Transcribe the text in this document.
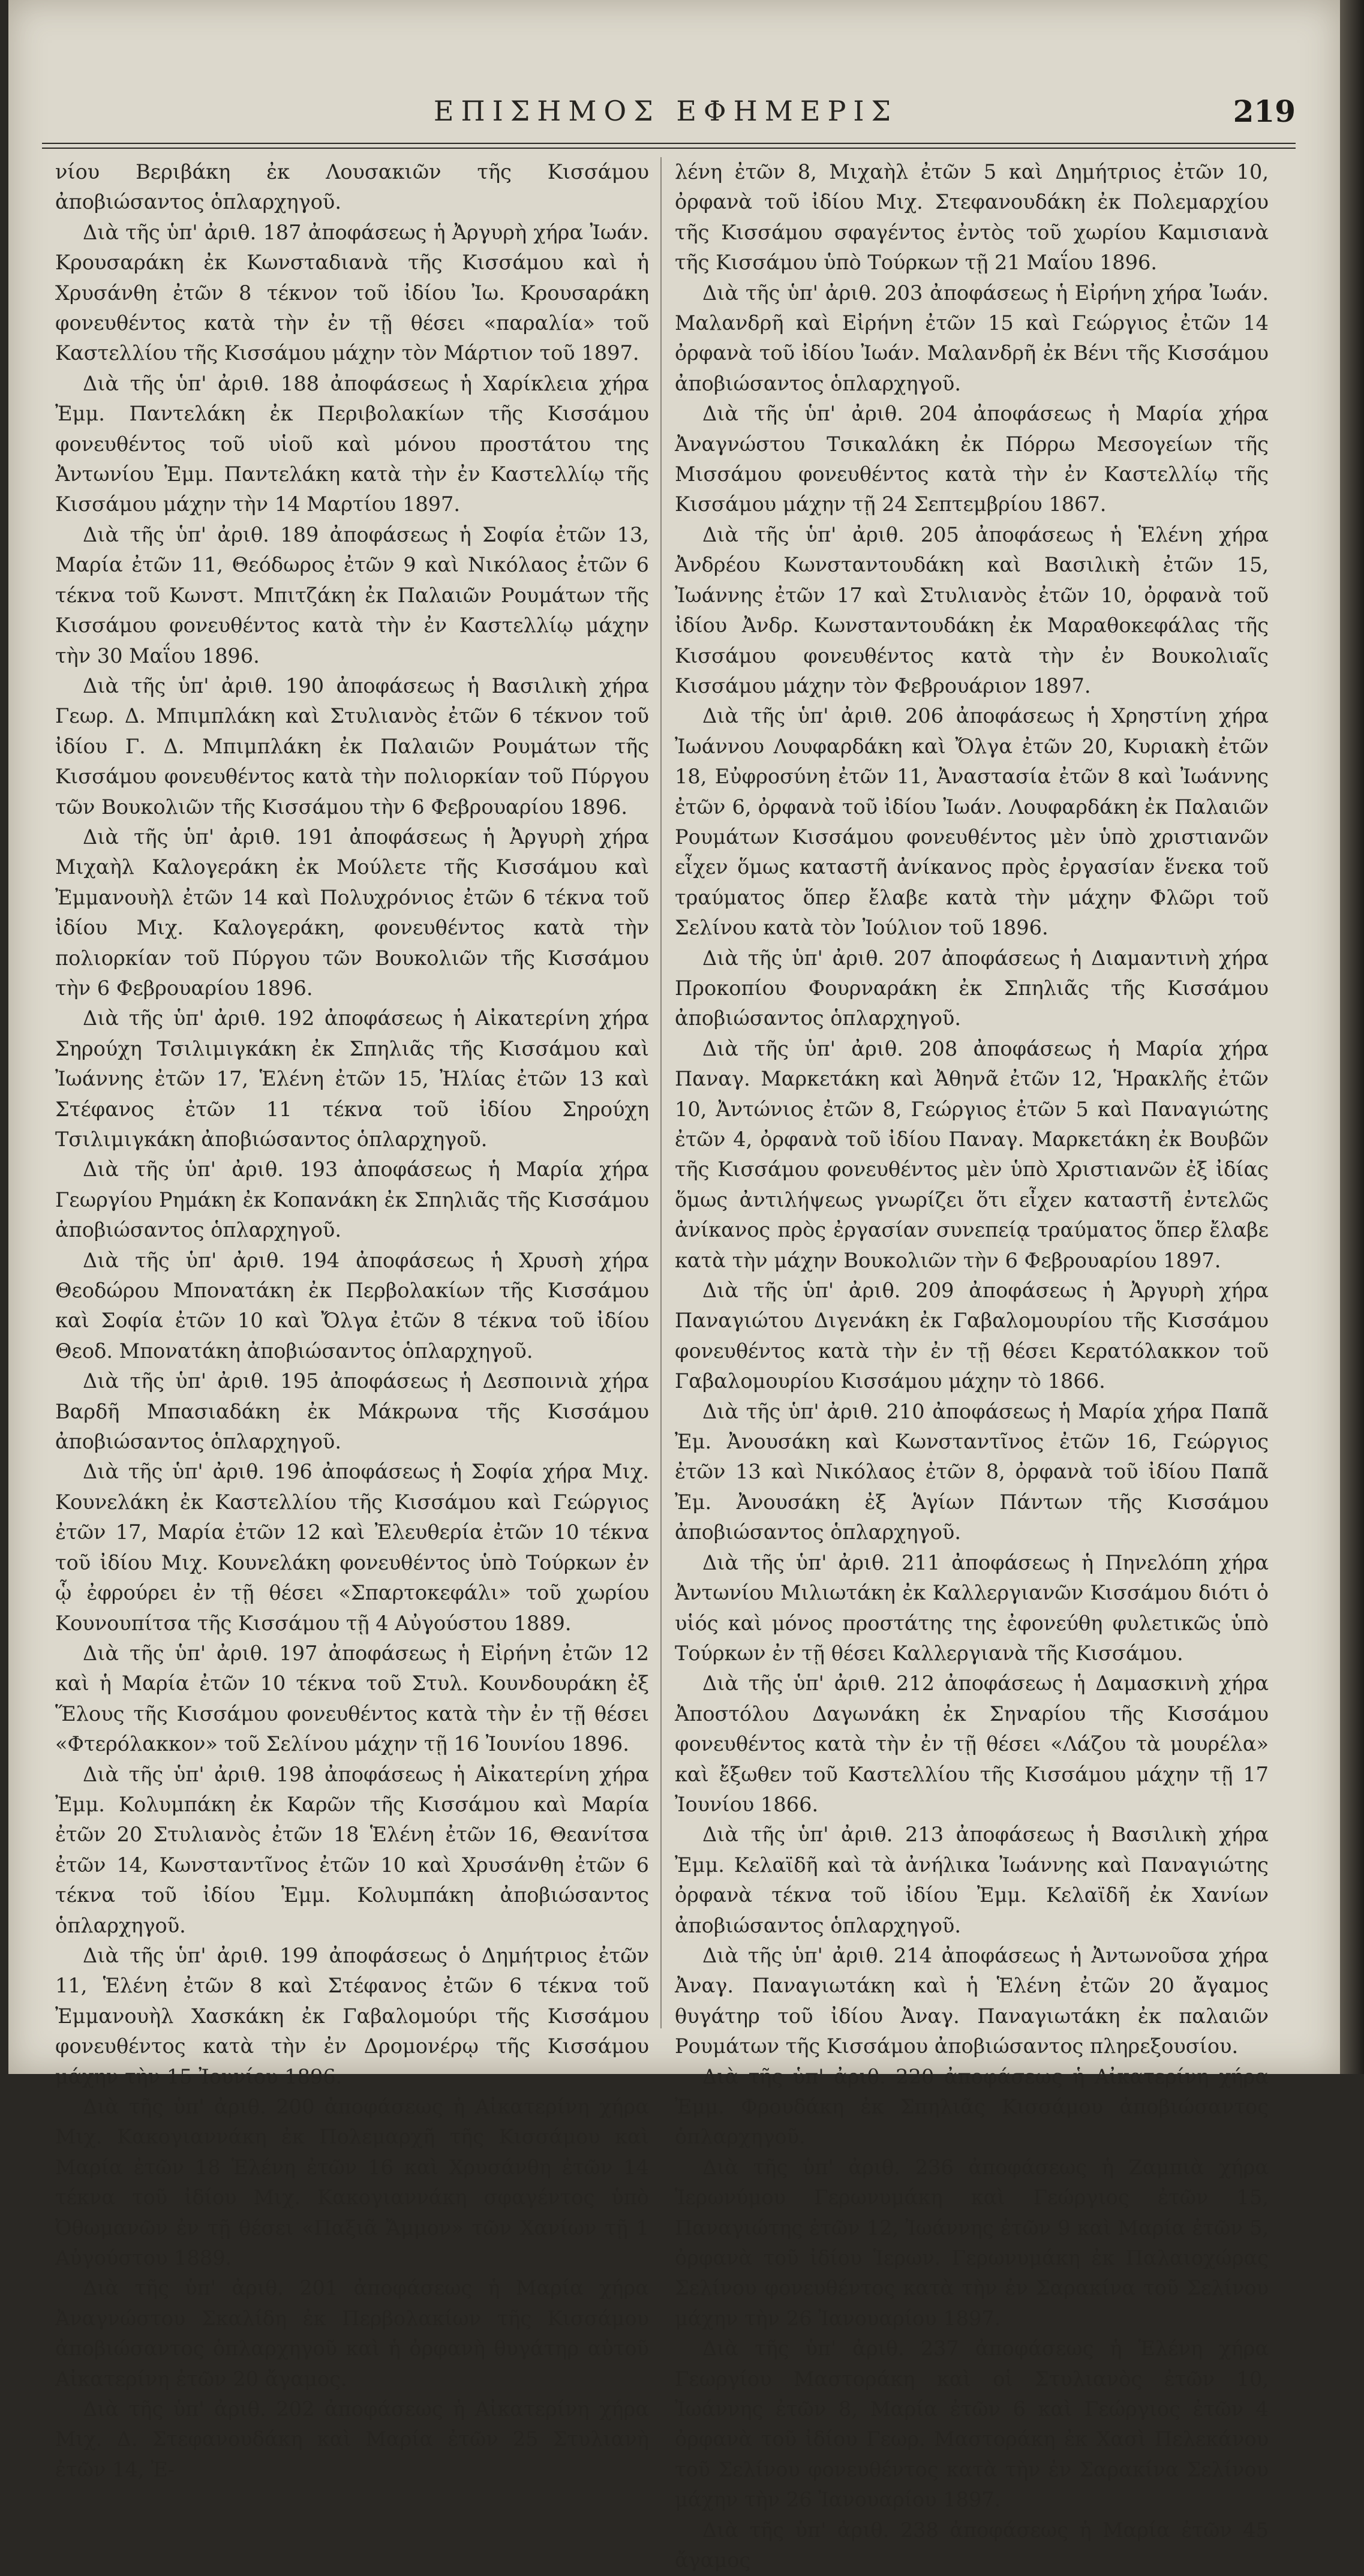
ΕΠΙΣΗΜΟΣ ΕΦΗΜΕΡΙΣ	219

νίου Βεριβάκη ἐκ Λουσακιῶν τῆς Κισσάμου ἀποβιώσαντος ὁπλαρχηγοῦ.

Διὰ τῆς ὑπ' ἀριθ. 187 ἀποφάσεως ἡ Ἀργυρὴ χήρα Ἰωάν. Κρουσαράκη ἐκ Κωνσταδιανὰ τῆς Κισσάμου καὶ ἡ Χρυσάνθη ἐτῶν 8 τέκνον τοῦ ἰδίου Ἰω. Κρουσαράκη φονευθέντος κατὰ τὴν ἐν τῇ θέσει «παραλία» τοῦ Καστελλίου τῆς Κισσάμου μάχην τὸν Μάρτιον τοῦ 1897.

Διὰ τῆς ὑπ' ἀριθ. 188 ἀποφάσεως ἡ Χαρίκλεια χήρα Ἐμμ. Παντελάκη ἐκ Περιβολακίων τῆς Κισσάμου φονευθέντος τοῦ υἱοῦ καὶ μόνου προστάτου της Ἀντωνίου Ἐμμ. Παντελάκη κατὰ τὴν ἐν Καστελλίῳ τῆς Κισσάμου μάχην τὴν 14 Μαρτίου 1897.

Διὰ τῆς ὑπ' ἀριθ. 189 ἀποφάσεως ἡ Σοφία ἐτῶν 13, Μαρία ἐτῶν 11, Θεόδωρος ἐτῶν 9 καὶ Νικόλαος ἐτῶν 6 τέκνα τοῦ Κωνστ. Μπιτζάκη ἐκ Παλαιῶν Ρουμάτων τῆς Κισσάμου φονευθέντος κατὰ τὴν ἐν Καστελλίῳ μάχην τὴν 30 Μαΐου 1896.

Διὰ τῆς ὑπ' ἀριθ. 190 ἀποφάσεως ἡ Βασιλικὴ χήρα Γεωρ. Δ. Μπιμπλάκη καὶ Στυλιανὸς ἐτῶν 6 τέκνον τοῦ ἰδίου Γ. Δ. Μπιμπλάκη ἐκ Παλαιῶν Ρουμάτων τῆς Κισσάμου φονευθέντος κατὰ τὴν πολιορκίαν τοῦ Πύργου τῶν Βουκολιῶν τῆς Κισσάμου τὴν 6 Φεβρουαρίου 1896.

Διὰ τῆς ὑπ' ἀριθ. 191 ἀποφάσεως ἡ Ἀργυρὴ χήρα Μιχαὴλ Καλογεράκη ἐκ Μούλετε τῆς Κισσάμου καὶ Ἐμμανουὴλ ἐτῶν 14 καὶ Πολυχρόνιος ἐτῶν 6 τέκνα τοῦ ἰδίου Μιχ. Καλογεράκη, φονευθέντος κατὰ τὴν πολιορκίαν τοῦ Πύργου τῶν Βουκολιῶν τῆς Κισσάμου τὴν 6 Φεβρουαρίου 1896.

Διὰ τῆς ὑπ' ἀριθ. 192 ἀποφάσεως ἡ Αἰκατερίνη χήρα Σηρούχη Τσιλιμιγκάκη ἐκ Σπηλιᾶς τῆς Κισσάμου καὶ Ἰωάννης ἐτῶν 17, Ἑλένη ἐτῶν 15, Ἠλίας ἐτῶν 13 καὶ Στέφανος ἐτῶν 11 τέκνα τοῦ ἰδίου Σηρούχη Τσιλιμιγκάκη ἀποβιώσαντος ὁπλαρχηγοῦ.

Διὰ τῆς ὑπ' ἀριθ. 193 ἀποφάσεως ἡ Μαρία χήρα Γεωργίου Ρημάκη ἐκ Κοπανάκη ἐκ Σπηλιᾶς τῆς Κισσάμου ἀποβιώσαντος ὁπλαρχηγοῦ.

Διὰ τῆς ὑπ' ἀριθ. 194 ἀποφάσεως ἡ Χρυσὴ χήρα Θεοδώρου Μπονατάκη ἐκ Περβολακίων τῆς Κισσάμου καὶ Σοφία ἐτῶν 10 καὶ Ὄλγα ἐτῶν 8 τέκνα τοῦ ἰδίου Θεοδ. Μπονατάκη ἀποβιώσαντος ὁπλαρχηγοῦ.

Διὰ τῆς ὑπ' ἀριθ. 195 ἀποφάσεως ἡ Δεσποινιὰ χήρα Βαρδῆ Μπασιαδάκη ἐκ Μάκρωνα τῆς Κισσάμου ἀποβιώσαντος ὁπλαρχηγοῦ.

Διὰ τῆς ὑπ' ἀριθ. 196 ἀποφάσεως ἡ Σοφία χήρα Μιχ. Κουνελάκη ἐκ Καστελλίου τῆς Κισσάμου καὶ Γεώργιος ἐτῶν 17, Μαρία ἐτῶν 12 καὶ Ἐλευθερία ἐτῶν 10 τέκνα τοῦ ἰδίου Μιχ. Κουνελάκη φονευθέντος ὑπὸ Τούρκων ἐν ᾧ ἐφρούρει ἐν τῇ θέσει «Σπαρτοκεφάλι» τοῦ χωρίου Κουνουπίτσα τῆς Κισσάμου τῇ 4 Αὐγούστου 1889.

Διὰ τῆς ὑπ' ἀριθ. 197 ἀποφάσεως ἡ Εἰρήνη ἐτῶν 12 καὶ ἡ Μαρία ἐτῶν 10 τέκνα τοῦ Στυλ. Κουνδουράκη ἐξ Ἕλους τῆς Κισσάμου φονευθέντος κατὰ τὴν ἐν τῇ θέσει «Φτερόλακκον» τοῦ Σελίνου μάχην τῇ 16 Ἰουνίου 1896.

Διὰ τῆς ὑπ' ἀριθ. 198 ἀποφάσεως ἡ Αἰκατερίνη χήρα Ἐμμ. Κολυμπάκη ἐκ Καρῶν τῆς Κισσάμου καὶ Μαρία ἐτῶν 20 Στυλιανὸς ἐτῶν 18 Ἑλένη ἐτῶν 16, Θεανίτσα ἐτῶν 14, Κωνσταντῖνος ἐτῶν 10 καὶ Χρυσάνθη ἐτῶν 6 τέκνα τοῦ ἰδίου Ἐμμ. Κολυμπάκη ἀποβιώσαντος ὁπλαρχηγοῦ.

Διὰ τῆς ὑπ' ἀριθ. 199 ἀποφάσεως ὁ Δημήτριος ἐτῶν 11, Ἑλένη ἐτῶν 8 καὶ Στέφανος ἐτῶν 6 τέκνα τοῦ Ἐμμανουὴλ Χασκάκη ἐκ Γαβαλομούρι τῆς Κισσάμου φονευθέντος κατὰ τὴν ἐν Δρομονέρῳ τῆς Κισσάμου μάχην τὴν 15 Ἰουνίου 1896.

Διὰ τῆς ὑπ' ἀριθ. 200 ἀποφάσεως ἡ Αἰκατερίνη χήρα Μιχ. Κακογιαννάκη ἐκ Πολεμαρχῆ τῆς Κισσάμου καὶ Μαρία ἐτῶν 18 Ἑλένη ἐτῶν 16 καὶ Χρυσάνθη ἐτῶν 14 τέκνα τοῦ ἰδίου Μιχ. Κακογιαννάκη σφαγέντος ὑπὸ Ὀθωμανῶν ἐν τῇ θέσει «Παξιᾶ Ἄμμον» τῶν Χανίων τῇ 1 Αὐγούστου 1889.

Διὰ τῆς ὑπ' ἀριθ. 201 ἀποφάσεως ἡ Μαρία χήρα Ἀναγνώστου Σκαλίδη ἐκ Περβολακίων τῆς Κισσάμου ἀποβιώσαντος ὁπλαρχηγοῦ καὶ ἡ ὀρφανὴ θυγάτηρ αὐτοῦ Αἰκατερίνη ἐτῶν 20 ἄγαμος.

Διὰ τῆς ὑπ' ἀριθ. 202 ἀποφάσεως ἡ Αἰκατερίνη χήρα Μιχ. Δ. Στεφανουδάκη καὶ Μαρία ἐτῶν 25 Στυλιανὴ ἐτῶν 14, Ἐ-

λένη ἐτῶν 8, Μιχαὴλ ἐτῶν 5 καὶ Δημήτριος ἐτῶν 10, ὀρφανὰ τοῦ ἰδίου Μιχ. Στεφανουδάκη ἐκ Πολεμαρχίου τῆς Κισσάμου σφαγέντος ἐντὸς τοῦ χωρίου Καμισιανὰ τῆς Κισσάμου ὑπὸ Τούρκων τῇ 21 Μαΐου 1896.

Διὰ τῆς ὑπ' ἀριθ. 203 ἀποφάσεως ἡ Εἰρήνη χήρα Ἰωάν. Μαλανδρῆ καὶ Εἰρήνη ἐτῶν 15 καὶ Γεώργιος ἐτῶν 14 ὀρφανὰ τοῦ ἰδίου Ἰωάν. Μαλανδρῆ ἐκ Βένι τῆς Κισσάμου ἀποβιώσαντος ὁπλαρχηγοῦ.

Διὰ τῆς ὑπ' ἀριθ. 204 ἀποφάσεως ἡ Μαρία χήρα Ἀναγνώστου Τσικαλάκη ἐκ Πόρρω Μεσογείων τῆς Μισσάμου φονευθέντος κατὰ τὴν ἐν Καστελλίῳ τῆς Κισσάμου μάχην τῇ 24 Σεπτεμβρίου 1867.

Διὰ τῆς ὑπ' ἀριθ. 205 ἀποφάσεως ἡ Ἑλένη χήρα Ἀνδρέου Κωνσταντουδάκη καὶ Βασιλικὴ ἐτῶν 15, Ἰωάννης ἐτῶν 17 καὶ Στυλιανὸς ἐτῶν 10, ὀρφανὰ τοῦ ἰδίου Ἀνδρ. Κωνσταντουδάκη ἐκ Μαραθοκεφάλας τῆς Κισσάμου φονευθέντος κατὰ τὴν ἐν Βουκολιαῖς Κισσάμου μάχην τὸν Φεβρουάριον 1897.

Διὰ τῆς ὑπ' ἀριθ. 206 ἀποφάσεως ἡ Χρηστίνη χήρα Ἰωάννου Λουφαρδάκη καὶ Ὄλγα ἐτῶν 20, Κυριακὴ ἐτῶν 18, Εὐφροσύνη ἐτῶν 11, Ἀναστασία ἐτῶν 8 καὶ Ἰωάννης ἐτῶν 6, ὀρφανὰ τοῦ ἰδίου Ἰωάν. Λουφαρδάκη ἐκ Παλαιῶν Ρουμάτων Κισσάμου φονευθέντος μὲν ὑπὸ χριστιανῶν εἶχεν ὅμως καταστῆ ἀνίκανος πρὸς ἐργασίαν ἕνεκα τοῦ τραύματος ὅπερ ἔλαβε κατὰ τὴν μάχην Φλῶρι τοῦ Σελίνου κατὰ τὸν Ἰούλιον τοῦ 1896.

Διὰ τῆς ὑπ' ἀριθ. 207 ἀποφάσεως ἡ Διαμαντινὴ χήρα Προκοπίου Φουρναράκη ἐκ Σπηλιᾶς τῆς Κισσάμου ἀποβιώσαντος ὁπλαρχηγοῦ.

Διὰ τῆς ὑπ' ἀριθ. 208 ἀποφάσεως ἡ Μαρία χήρα Παναγ. Μαρκετάκη καὶ Ἀθηνᾶ ἐτῶν 12, Ἡρακλῆς ἐτῶν 10, Ἀντώνιος ἐτῶν 8, Γεώργιος ἐτῶν 5 καὶ Παναγιώτης ἐτῶν 4, ὀρφανὰ τοῦ ἰδίου Παναγ. Μαρκετάκη ἐκ Βουβῶν τῆς Κισσάμου φονευθέντος μὲν ὑπὸ Χριστιανῶν ἐξ ἰδίας ὅμως ἀντιλήψεως γνωρίζει ὅτι εἶχεν καταστῆ ἐντελῶς ἀνίκανος πρὸς ἐργασίαν συνεπείᾳ τραύματος ὅπερ ἔλαβε κατὰ τὴν μάχην Βουκολιῶν τὴν 6 Φεβρουαρίου 1897.

Διὰ τῆς ὑπ' ἀριθ. 209 ἀποφάσεως ἡ Ἀργυρὴ χήρα Παναγιώτου Διγενάκη ἐκ Γαβαλομουρίου τῆς Κισσάμου φονευθέντος κατὰ τὴν ἐν τῇ θέσει Κερατόλακκον τοῦ Γαβαλομουρίου Κισσάμου μάχην τὸ 1866.

Διὰ τῆς ὑπ' ἀριθ. 210 ἀποφάσεως ἡ Μαρία χήρα Παπᾶ Ἐμ. Ἀνουσάκη καὶ Κωνσταντῖνος ἐτῶν 16, Γεώργιος ἐτῶν 13 καὶ Νικόλαος ἐτῶν 8, ὀρφανὰ τοῦ ἰδίου Παπᾶ Ἐμ. Ἀνουσάκη ἐξ Ἁγίων Πάντων τῆς Κισσάμου ἀποβιώσαντος ὁπλαρχηγοῦ.

Διὰ τῆς ὑπ' ἀριθ. 211 ἀποφάσεως ἡ Πηνελόπη χήρα Ἀντωνίου Μιλιωτάκη ἐκ Καλλεργιανῶν Κισσάμου διότι ὁ υἱός καὶ μόνος προστάτης της ἐφονεύθη φυλετικῶς ὑπὸ Τούρκων ἐν τῇ θέσει Καλλεργιανὰ τῆς Κισσάμου.

Διὰ τῆς ὑπ' ἀριθ. 212 ἀποφάσεως ἡ Δαμασκινὴ χήρα Ἀποστόλου Δαγωνάκη ἐκ Σηναρίου τῆς Κισσάμου φονευθέντος κατὰ τὴν ἐν τῇ θέσει «Λάζου τὰ μουρέλα» καὶ ἔξωθεν τοῦ Καστελλίου τῆς Κισσάμου μάχην τῇ 17 Ἰουνίου 1866.

Διὰ τῆς ὑπ' ἀριθ. 213 ἀποφάσεως ἡ Βασιλικὴ χήρα Ἐμμ. Κελαϊδῆ καὶ τὰ ἀνήλικα Ἰωάννης καὶ Παναγιώτης ὀρφανὰ τέκνα τοῦ ἰδίου Ἐμμ. Κελαϊδῆ ἐκ Χανίων ἀποβιώσαντος ὁπλαρχηγοῦ.

Διὰ τῆς ὑπ' ἀριθ. 214 ἀποφάσεως ἡ Ἀντωνοῦσα χήρα Ἀναγ. Παναγιωτάκη καὶ ἡ Ἑλένη ἐτῶν 20 ἄγαμος θυγάτηρ τοῦ ἰδίου Ἀναγ. Παναγιωτάκη ἐκ παλαιῶν Ρουμάτων τῆς Κισσάμου ἀποβιώσαντος πληρεξουσίου.

Διὰ τῆς ὑπ' ἀριθ. 220 ἀποφάσεως ἡ Αἰκατερίνη χήρα Ἐμμ. Φρουδάκη ἐκ Σπηλιᾶς Κισσάμου ἀποβιώσαντος ὁπλαρχηγοῦ.

Διὰ τῆς ὑπ' ἀριθ. 236 ἀποφάσεως ἡ Ζαμπιὰ χήρα Ἱερωνύμου Γερωνυμάκη καὶ Γεώργιος ἐτῶν 15, Παναγιώτης ἐτῶν 12, Ἰωάννης ἐτῶν 9 καὶ Μαρία ἐτῶν 5, ὀρφανὰ τοῦ ἰδίου Ἱερων. Γερωνυμάκη ἐκ Παλαιοχώρας Σελίνου φονευθέντος κατὰ τὴν ἐν Σαρακίνα τοῦ Σελίνου μάχην τὴν 26 Ἰανουαρίου 1897.

Διὰ τῆς ὑπ' ἀριθ. 237 ἀποφάσεως ἡ Ἑλένη χήρα Γεωργίου Μαστοράκη καὶ οἱ Στυλιανὸς ἐτῶν 10, Ἰωάννης ἐτῶν 8, Μαρία ἐτῶν 6 καὶ Γεώργιος ἐτῶν 4 ὀρφανὰ τοῦ ἰδίου Γεωρ. Μαστοράκη ἐκ Χασὶ Πελεκάνου τοῦ Σελίνου φονευθέντος κατὰ τὴν ἐν Σαρακίνα Σελίνου μάχην τὴν 26 Ἰανουαρίου 1897.

Διὰ τῆς ὑπ' ἀριθ. 238 ἀποφάσεως ἡ Μαρία ἐτῶν 45 ἄγαμος
